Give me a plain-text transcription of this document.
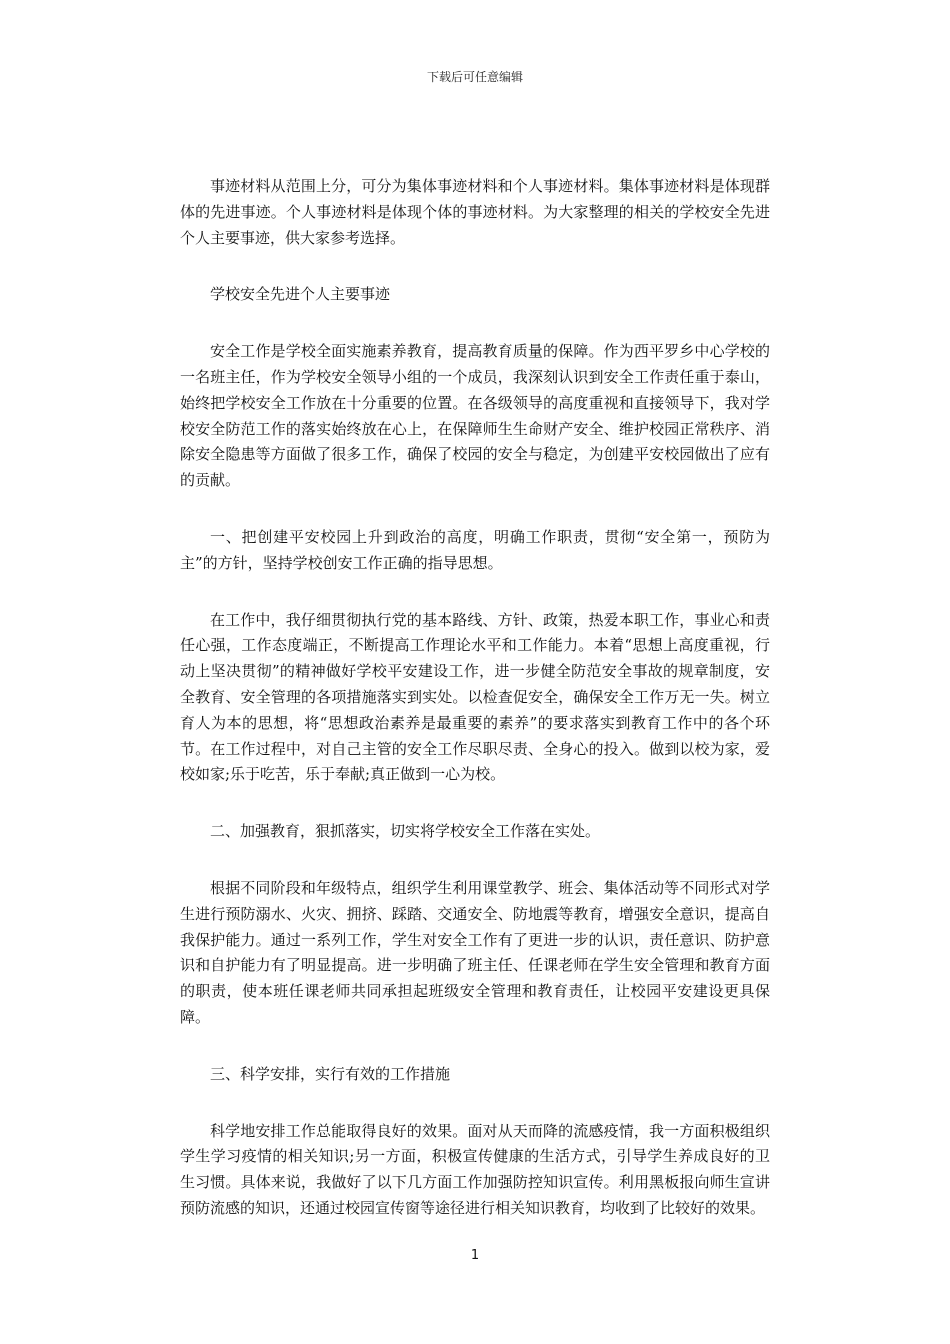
下载后可任意编辑

事迹材料从范围上分，可分为集体事迹材料和个人事迹材料。集体事迹材料是体现群体的先进事迹。个人事迹材料是体现个体的事迹材料。为大家整理的相关的学校安全先进个人主要事迹，供大家参考选择。

学校安全先进个人主要事迹

安全工作是学校全面实施素养教育，提高教育质量的保障。作为西平罗乡中心学校的一名班主任，作为学校安全领导小组的一个成员，我深刻认识到安全工作责任重于泰山，始终把学校安全工作放在十分重要的位置。在各级领导的高度重视和直接领导下，我对学校安全防范工作的落实始终放在心上，在保障师生生命财产安全、维护校园正常秩序、消除安全隐患等方面做了很多工作，确保了校园的安全与稳定，为创建平安校园做出了应有的贡献。

一、把创建平安校园上升到政治的高度，明确工作职责，贯彻“安全第一，预防为主”的方针，坚持学校创安工作正确的指导思想。

在工作中，我仔细贯彻执行党的基本路线、方针、政策，热爱本职工作，事业心和责任心强，工作态度端正，不断提高工作理论水平和工作能力。本着“思想上高度重视，行动上坚决贯彻”的精神做好学校平安建设工作，进一步健全防范安全事故的规章制度，安全教育、安全管理的各项措施落实到实处。以检查促安全，确保安全工作万无一失。树立育人为本的思想，将“思想政治素养是最重要的素养”的要求落实到教育工作中的各个环节。在工作过程中，对自己主管的安全工作尽职尽责、全身心的投入。做到以校为家，爱校如家;乐于吃苦，乐于奉献;真正做到一心为校。

二、加强教育，狠抓落实，切实将学校安全工作落在实处。

根据不同阶段和年级特点，组织学生利用课堂教学、班会、集体活动等不同形式对学生进行预防溺水、火灾、拥挤、踩踏、交通安全、防地震等教育，增强安全意识，提高自我保护能力。通过一系列工作，学生对安全工作有了更进一步的认识，责任意识、防护意识和自护能力有了明显提高。进一步明确了班主任、任课老师在学生安全管理和教育方面的职责，使本班任课老师共同承担起班级安全管理和教育责任，让校园平安建设更具保障。

三、科学安排，实行有效的工作措施

科学地安排工作总能取得良好的效果。面对从天而降的流感疫情，我一方面积极组织学生学习疫情的相关知识;另一方面，积极宣传健康的生活方式，引导学生养成良好的卫生习惯。具体来说，我做好了以下几方面工作加强防控知识宣传。利用黑板报向师生宣讲预防流感的知识，还通过校园宣传窗等途径进行相关知识教育，均收到了比较好的效果。

1
